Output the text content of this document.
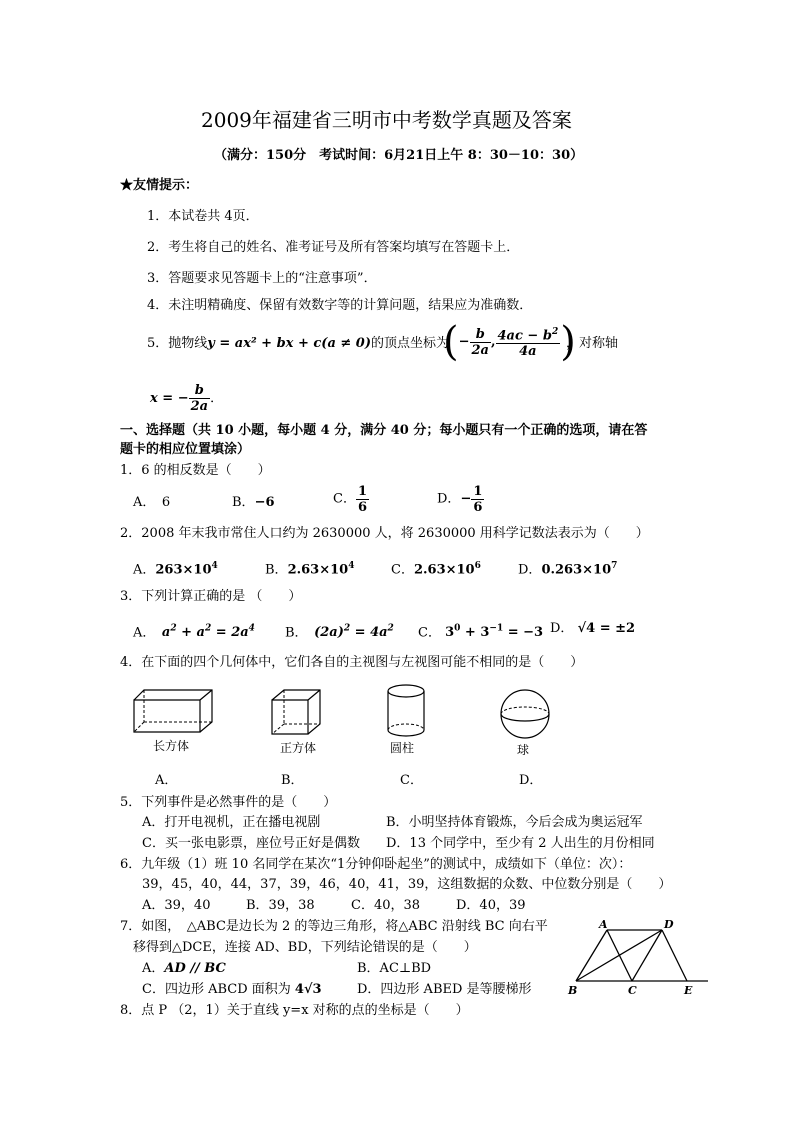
2009年福建省三明市中考数学真题及答案
（满分：150分　考试时间：6月21日上午 8：30－10：30）
★友情提示：
1．本试卷共 4页．
2．考生将自己的姓名、准考证号及所有答案均填写在答题卡上．
3．答题要求见答题卡上的“注意事项”．
4．未注明精确度、保留有效数字等的计算问题，结果应为准确数．
5．抛物线y = ax² + bx + c(a ≠ 0)的顶点坐标为
(− $\frac{b}{2a}$ , $\frac{4ac - b^2}{4a}$ )
，对称轴
x = − $\frac{b}{2a}$ ．
一、选择题（共 10 小题，每小题 4 分，满分 40 分；每小题只有一个正确的选项，请在答
题卡的相应位置填涂）
1．6 的相反数是（　　）
A．　6	B．−6	C． $\frac{1}{6}$	D．− $\frac{1}{6}$
2．2008 年末我市常住人口约为 2630000 人，将 2630000 用科学记数法表示为（　　）
A．$263\times 10^4$	B．$2.63\times 10^4$	C．$2.63\times 10^6$	D．$0.263\times 10^7$
3．下列计算正确的是 （　　）
A．　 $a^2 + a^2 = 2a^4$ B．　 $(2a)^2 = 4a^2$ C． $3^0 + 3^{-1} = -3$ D． √4 = ±2
4．在下面的四个几何体中，它们各自的主视图与左视图可能不相同的是（　　）
长方体	正方体	圆柱	球
A．	B．	C．	D．
5．下列事件是必然事件的是（　　）
A．打开电视机，正在播电视剧	B．小明坚持体育锻炼，今后会成为奥运冠军
C．买一张电影票，座位号正好是偶数 D．13 个同学中，至少有 2 人出生的月份相同
6．九年级（1）班 10 名同学在某次“1分钟仰卧起坐”的测试中，成绩如下（单位：次）：
39，45，40，44，37，39，46，40，41，39，这组数据的众数、中位数分别是（　　）
A．39，40	B．39，38	C．40，38	D．40，39
7．如图，　△ABC是边长为 2 的等边三角形，将△ABC 沿射线 BC 向右平
移得到△DCE，连接 AD、BD，下列结论错误的是（　　）
A．AD // BC	B．AC⊥BD
C．四边形 ABCD 面积为 4√3	D．四边形 ABED 是等腰梯形
A	D
B	C	E
8．点 P （2，1）关于直线 y=x 对称的点的坐标是（　　）
